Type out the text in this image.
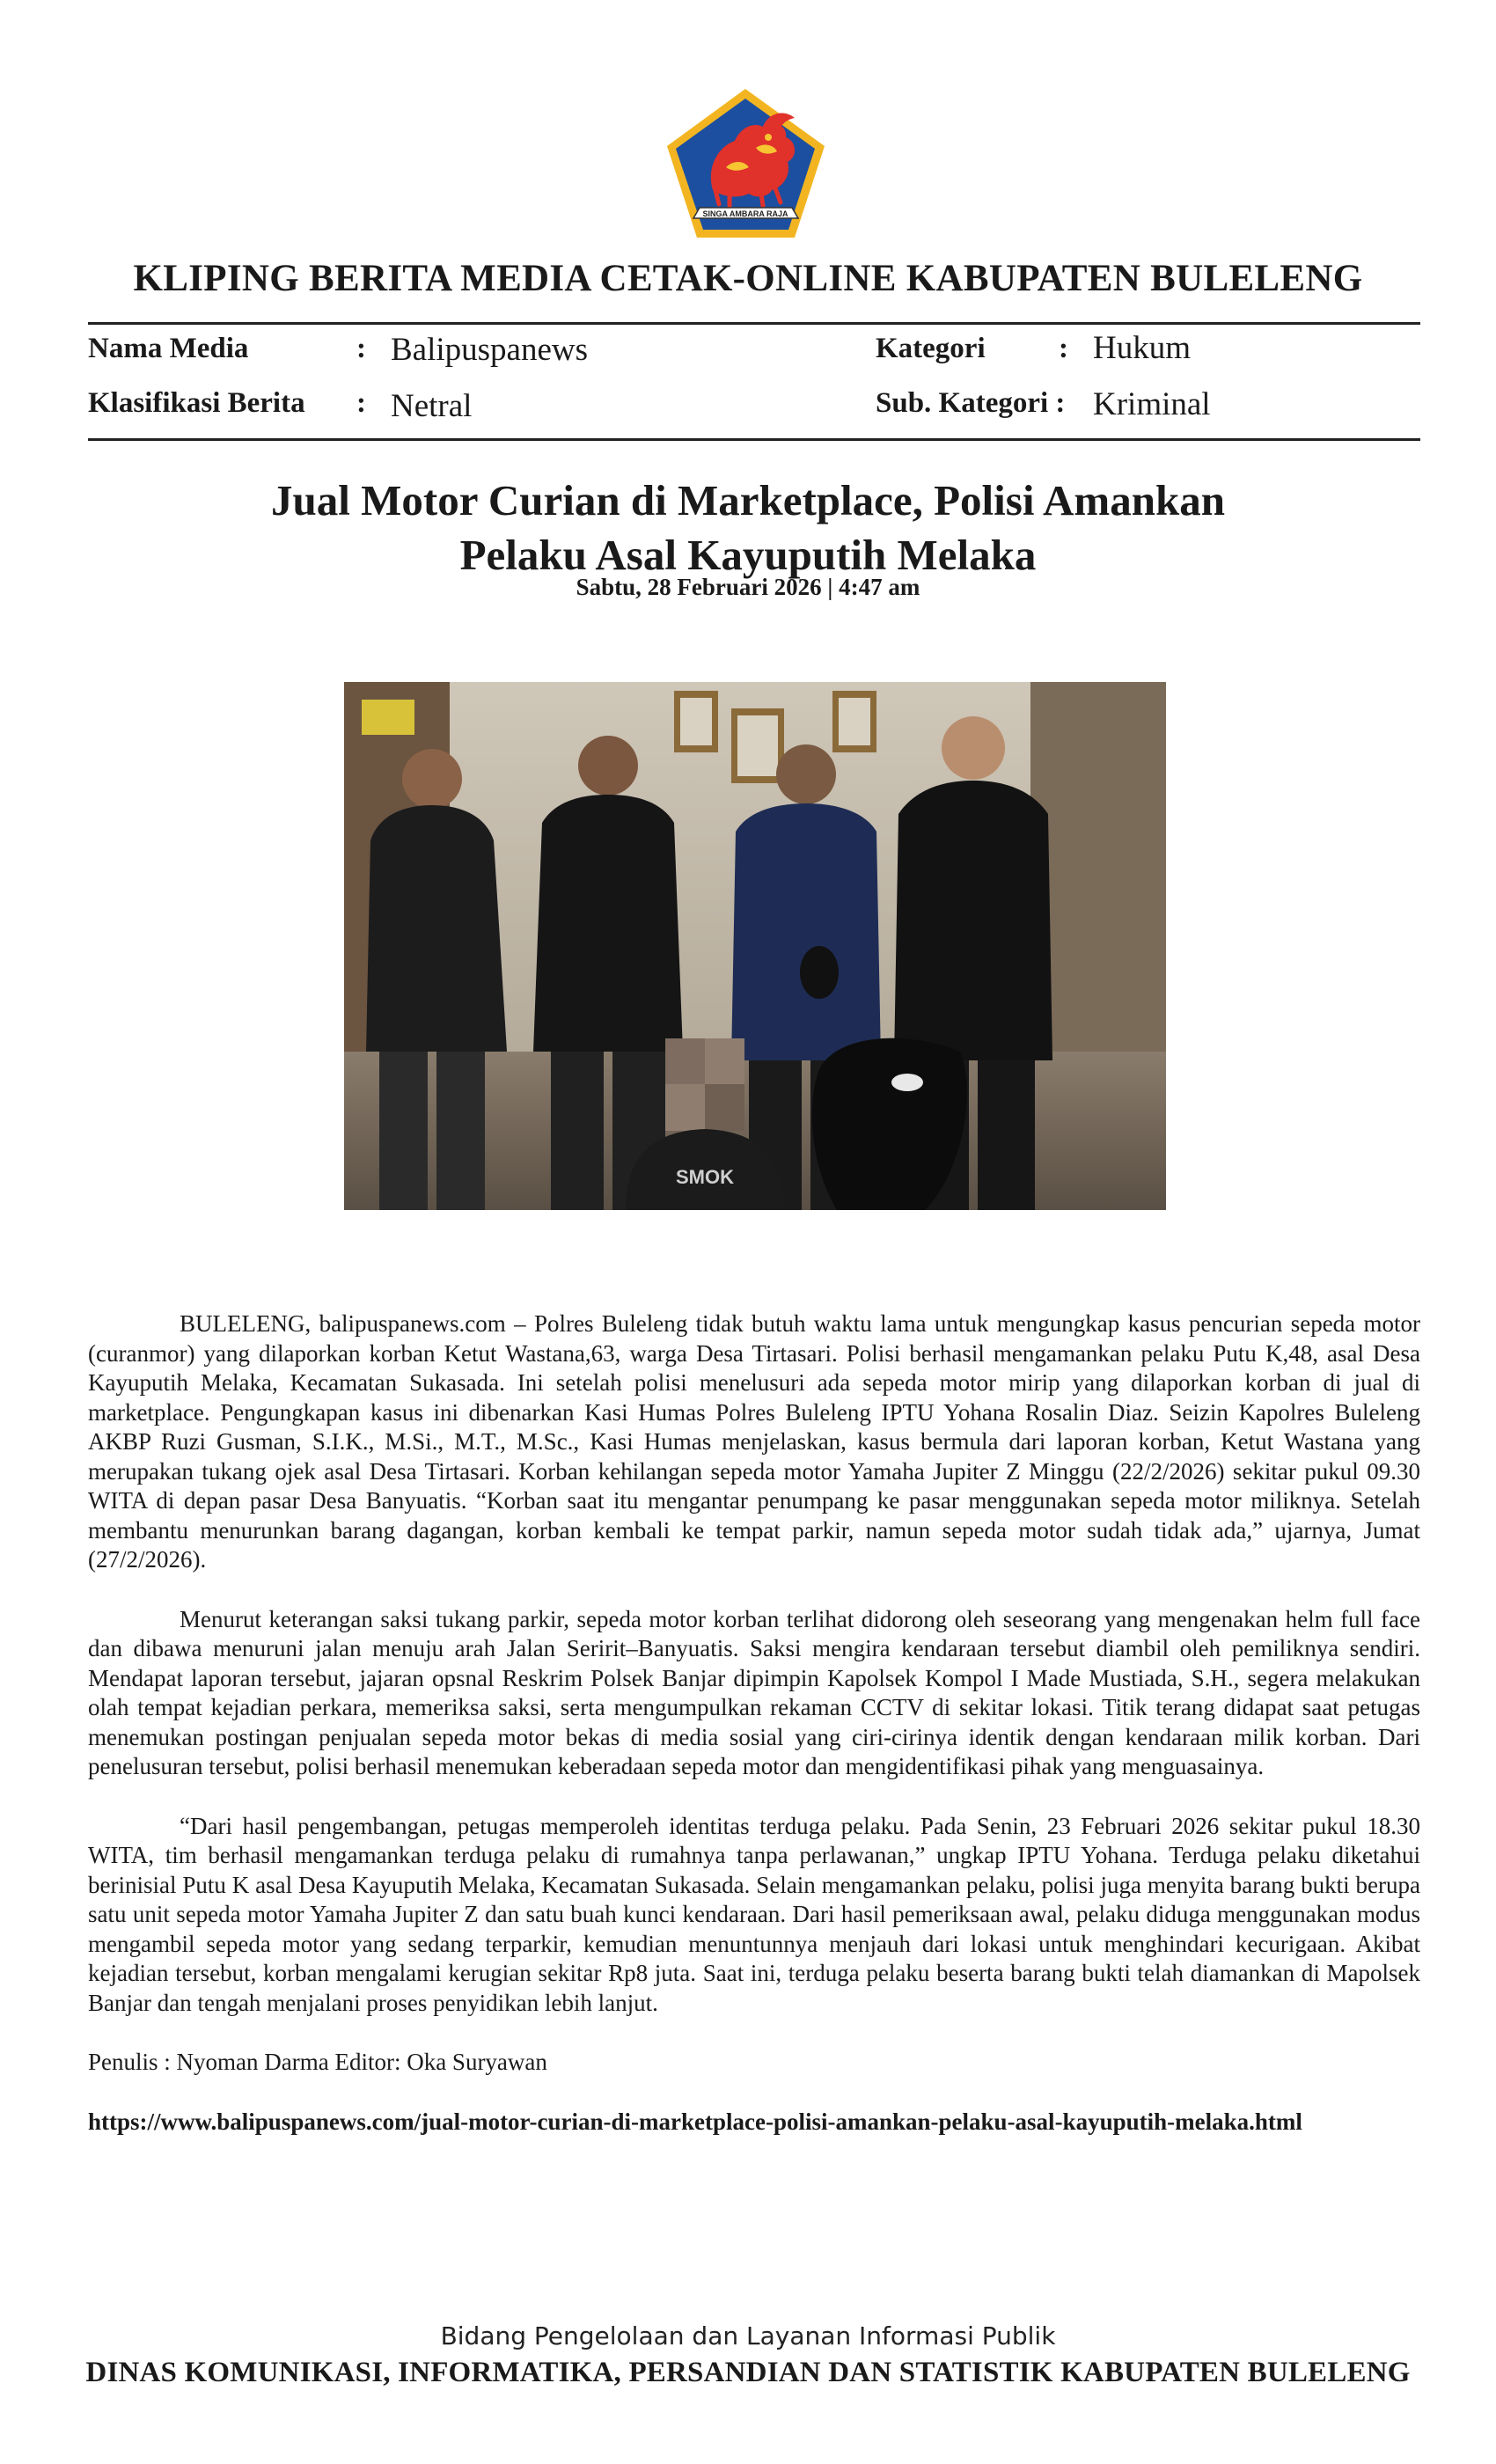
SINGA AMBARA RAJA
KLIPING BERITA MEDIA CETAK-ONLINE KABUPATEN BULELENG
Nama Media	: Balipuspanews	Kategori	: Hukum
Klasifikasi Berita : Netral	Sub. Kategori : Kriminal
Jual Motor Curian di Marketplace, Polisi Amankan
Pelaku Asal Kayuputih Melaka
Sabtu, 28 Februari 2026 | 4:47 am
SMOK

BULELENG, balipuspanews.com – Polres Buleleng tidak butuh waktu lama untuk mengungkap kasus pencurian sepeda motor (curanmor) yang dilaporkan korban Ketut Wastana,63, warga Desa Tirtasari. Polisi berhasil mengamankan pelaku Putu K,48, asal Desa Kayuputih Melaka, Kecamatan Sukasada. Ini setelah polisi menelusuri ada sepeda motor mirip yang dilaporkan korban di jual di marketplace. Pengungkapan kasus ini dibenarkan Kasi Humas Polres Buleleng IPTU Yohana Rosalin Diaz. Seizin Kapolres Buleleng AKBP Ruzi Gusman, S.I.K., M.Si., M.T., M.Sc., Kasi Humas menjelaskan, kasus bermula dari laporan korban, Ketut Wastana yang merupakan tukang ojek asal Desa Tirtasari. Korban kehilangan sepeda motor Yamaha Jupiter Z Minggu (22/2/2026) sekitar pukul 09.30 WITA di depan pasar Desa Banyuatis. “Korban saat itu mengantar penumpang ke pasar menggunakan sepeda motor miliknya. Setelah membantu menurunkan barang dagangan, korban kembali ke tempat parkir, namun sepeda motor sudah tidak ada,” ujarnya, Jumat (27/2/2026).

Menurut keterangan saksi tukang parkir, sepeda motor korban terlihat didorong oleh seseorang yang mengenakan helm full face dan dibawa menuruni jalan menuju arah Jalan Seririt–Banyuatis. Saksi mengira kendaraan tersebut diambil oleh pemiliknya sendiri. Mendapat laporan tersebut, jajaran opsnal Reskrim Polsek Banjar dipimpin Kapolsek Kompol I Made Mustiada, S.H., segera melakukan olah tempat kejadian perkara, memeriksa saksi, serta mengumpulkan rekaman CCTV di sekitar lokasi. Titik terang didapat saat petugas menemukan postingan penjualan sepeda motor bekas di media sosial yang ciri-cirinya identik dengan kendaraan milik korban. Dari penelusuran tersebut, polisi berhasil menemukan keberadaan sepeda motor dan mengidentifikasi pihak yang menguasainya.

“Dari hasil pengembangan, petugas memperoleh identitas terduga pelaku. Pada Senin, 23 Februari 2026 sekitar pukul 18.30 WITA, tim berhasil mengamankan terduga pelaku di rumahnya tanpa perlawanan,” ungkap IPTU Yohana. Terduga pelaku diketahui berinisial Putu K asal Desa Kayuputih Melaka, Kecamatan Sukasada. Selain mengamankan pelaku, polisi juga menyita barang bukti berupa satu unit sepeda motor Yamaha Jupiter Z dan satu buah kunci kendaraan. Dari hasil pemeriksaan awal, pelaku diduga menggunakan modus mengambil sepeda motor yang sedang terparkir, kemudian menuntunnya menjauh dari lokasi untuk menghindari kecurigaan. Akibat kejadian tersebut, korban mengalami kerugian sekitar Rp8 juta. Saat ini, terduga pelaku beserta barang bukti telah diamankan di Mapolsek Banjar dan tengah menjalani proses penyidikan lebih lanjut.

Penulis : Nyoman Darma Editor: Oka Suryawan

https://www.balipuspanews.com/jual-motor-curian-di-marketplace-polisi-amankan-pelaku-asal-kayuputih-melaka.html

Bidang Pengelolaan dan Layanan Informasi Publik
DINAS KOMUNIKASI, INFORMATIKA, PERSANDIAN DAN STATISTIK KABUPATEN BULELENG
